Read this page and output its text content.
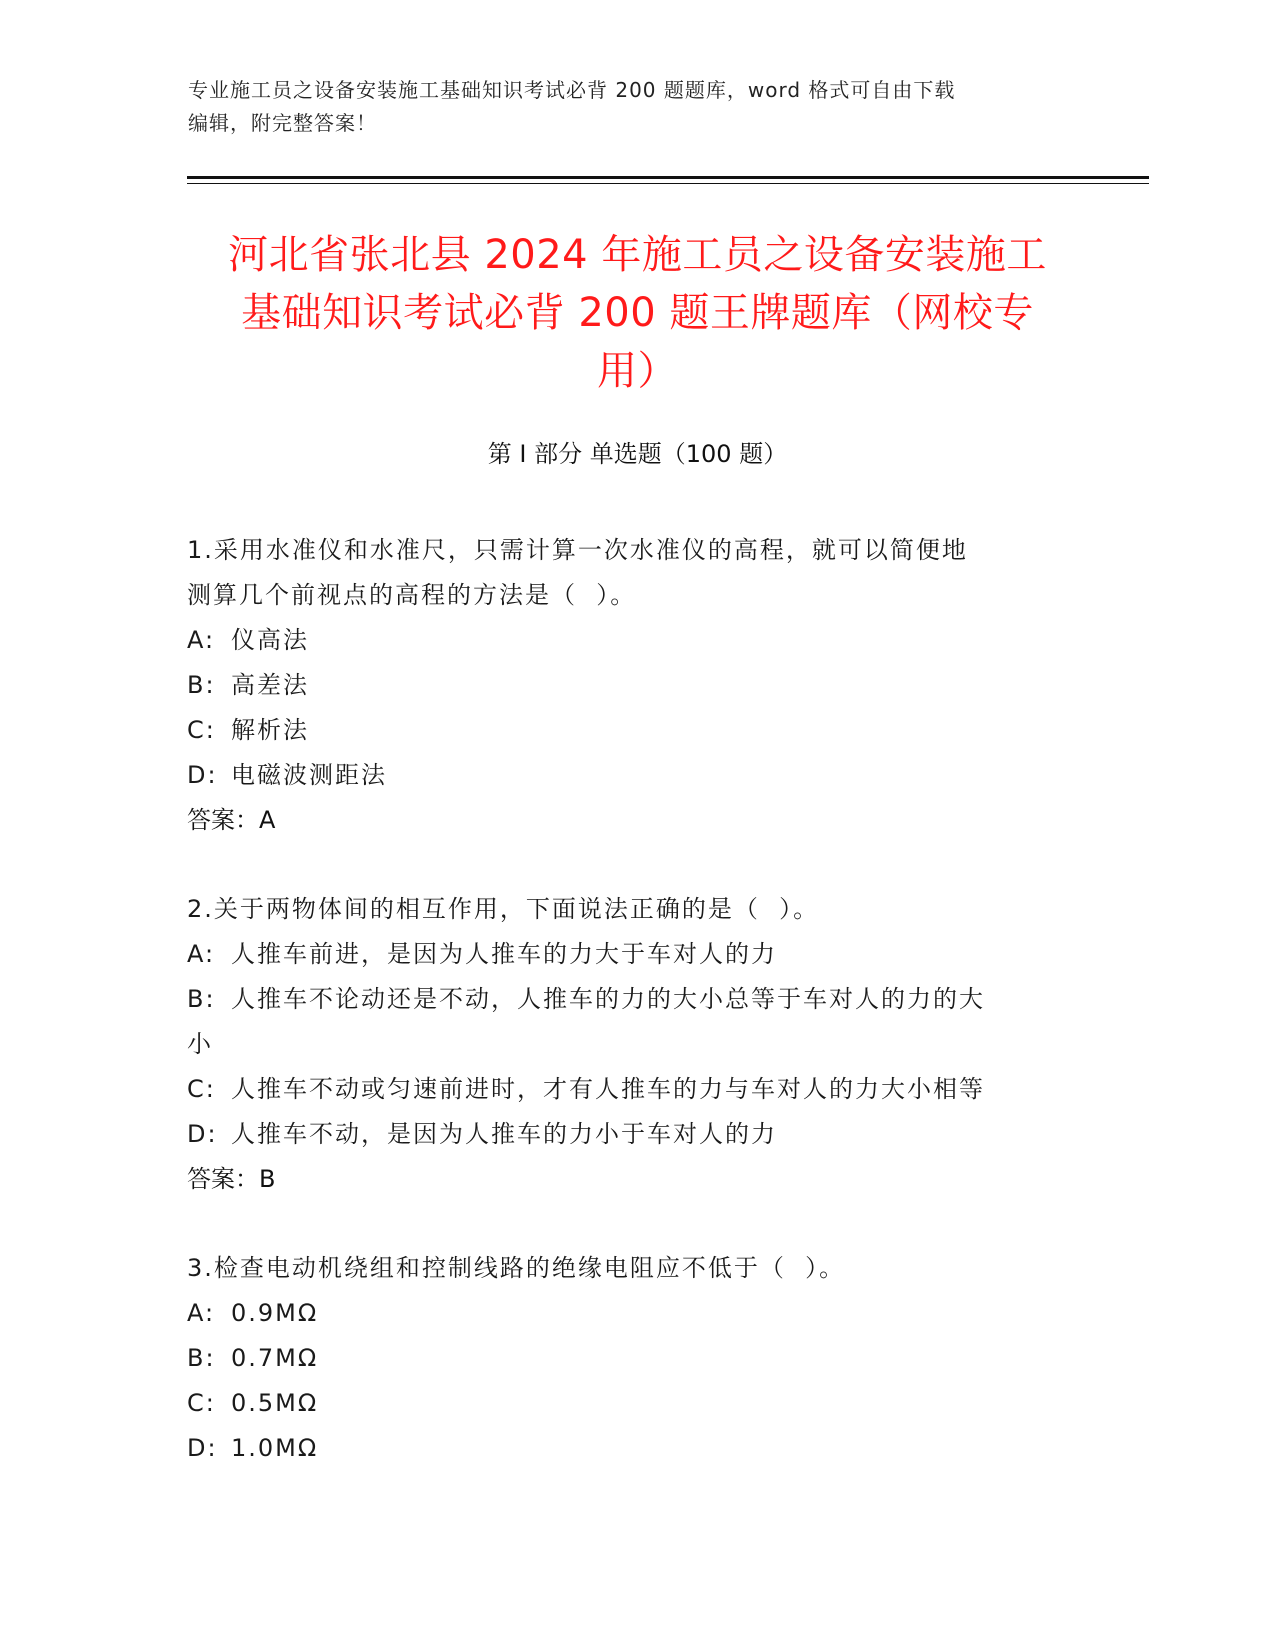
专业施工员之设备安装施工基础知识考试必背 200 题题库，word 格式可自由下载
编辑，附完整答案！
河北省张北县 2024 年施工员之设备安装施工
基础知识考试必背 200 题王牌题库（网校专
用）
第 I 部分 单选题（100 题）
1.采用水准仪和水准尺，只需计算一次水准仪的高程，就可以简便地
测算几个前视点的高程的方法是（  ）。
A: 仪高法
B: 高差法
C: 解析法
D: 电磁波测距法
答案：A
2.关于两物体间的相互作用，下面说法正确的是（  ）。
A: 人推车前进，是因为人推车的力大于车对人的力
B: 人推车不论动还是不动，人推车的力的大小总等于车对人的力的大
小
C: 人推车不动或匀速前进时，才有人推车的力与车对人的力大小相等
D: 人推车不动，是因为人推车的力小于车对人的力
答案：B
3.检查电动机绕组和控制线路的绝缘电阻应不低于（  ）。
A: 0.9MΩ
B: 0.7MΩ
C: 0.5MΩ
D: 1.0MΩ
